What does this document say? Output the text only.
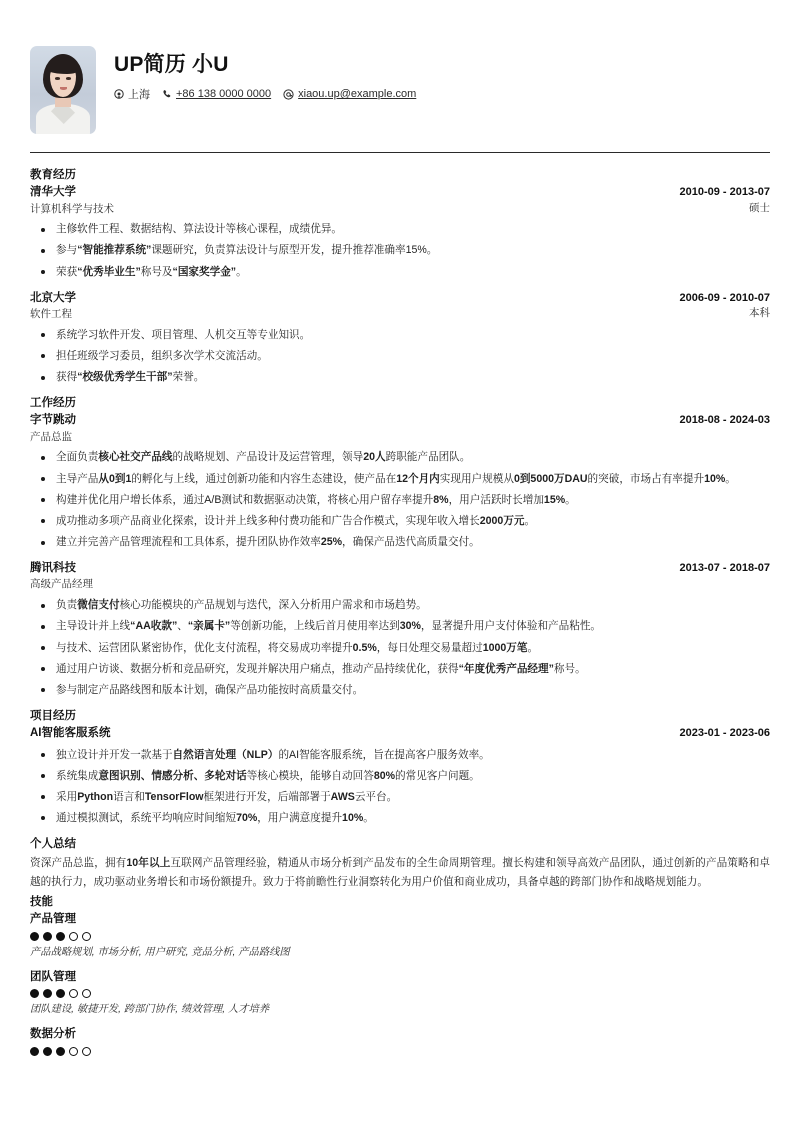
UP简历 小U
上海 +86 138 0000 0000 xiaou.up@example.com
教育经历
清华大学
计算机科学与技术
2010-09 - 2013-07
硕士
主修软件工程、数据结构、算法设计等核心课程，成绩优异。
参与“智能推荐系统”课题研究，负责算法设计与原型开发，提升推荐准确率15%。
荣获“优秀毕业生”称号及“国家奖学金”。
北京大学
软件工程
2006-09 - 2010-07
本科
系统学习软件开发、项目管理、人机交互等专业知识。
担任班级学习委员，组织多次学术交流活动。
获得“校级优秀学生干部”荣誉。
工作经历
字节跳动
产品总监
2018-08 - 2024-03
全面负责核心社交产品线的战略规划、产品设计及运营管理，领导20人跨职能产品团队。
主导产品从0到1的孵化与上线，通过创新功能和内容生态建设，使产品在12个月内实现用户规模从0到5000万DAU的突破，市场占有率提升10%。
构建并优化用户增长体系，通过A/B测试和数据驱动决策，将核心用户留存率提升8%，用户活跃时长增加15%。
成功推动多项产品商业化探索，设计并上线多种付费功能和广告合作模式，实现年收入增长2000万元。
建立并完善产品管理流程和工具体系，提升团队协作效率25%，确保产品迭代高质量交付。
腾讯科技
高级产品经理
2013-07 - 2018-07
负责微信支付核心功能模块的产品规划与迭代，深入分析用户需求和市场趋势。
主导设计并上线“AA收款”、“亲属卡”等创新功能，上线后首月使用率达到30%，显著提升用户支付体验和产品粘性。
与技术、运营团队紧密协作，优化支付流程，将交易成功率提升0.5%，每日处理交易量超过1000万笔。
通过用户访谈、数据分析和竞品研究，发现并解决用户痛点，推动产品持续优化，获得“年度优秀产品经理”称号。
参与制定产品路线图和版本计划，确保产品功能按时高质量交付。
项目经历
AI智能客服系统	2023-01 - 2023-06
独立设计并开发一款基于自然语言处理（NLP）的AI智能客服系统，旨在提高客户服务效率。
系统集成意图识别、情感分析、多轮对话等核心模块，能够自动回答80%的常见客户问题。
采用Python语言和TensorFlow框架进行开发，后端部署于AWS云平台。
通过模拟测试，系统平均响应时间缩短70%，用户满意度提升10%。
个人总结
资深产品总监，拥有10年以上互联网产品管理经验，精通从市场分析到产品发布的全生命周期管理。擅长构建和领导高效产品团队，通过创新的产品策略和卓越的执行力，成功驱动业务增长和市场份额提升。致力于将前瞻性行业洞察转化为用户价值和商业成功，具备卓越的跨部门协作和战略规划能力。
技能
产品管理
产品战略规划, 市场分析, 用户研究, 竞品分析, 产品路线图
团队管理
团队建设, 敏捷开发, 跨部门协作, 绩效管理, 人才培养
数据分析
